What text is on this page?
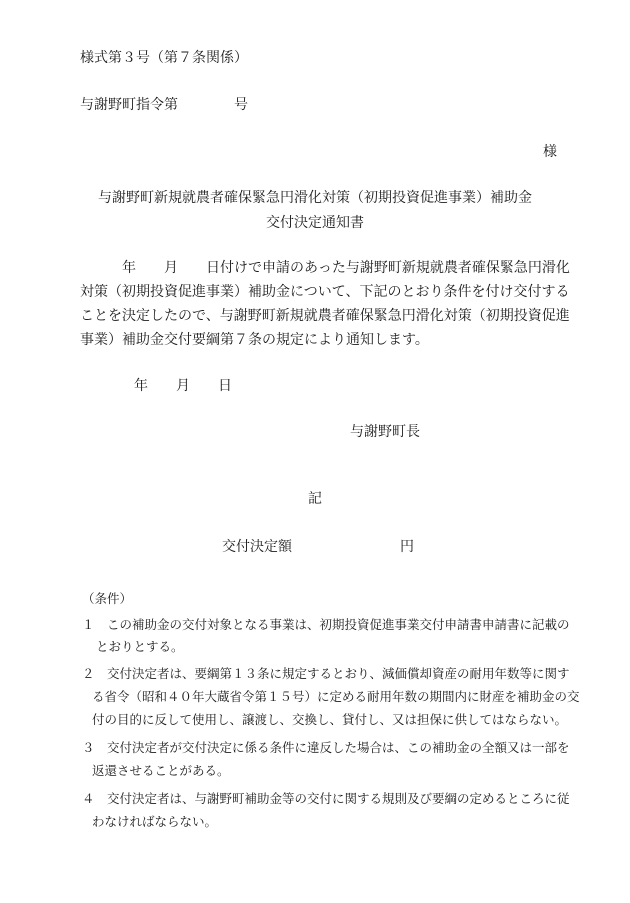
様式第３号（第７条関係）
与謝野町指令第　　　　号
様
与謝野町新規就農者確保緊急円滑化対策（初期投資促進事業）補助金
交付決定通知書
　　　年　　月　　日付けで申請のあった与謝野町新規就農者確保緊急円滑化
対策（初期投資促進事業）補助金について、下記のとおり条件を付け交付する
ことを決定したので、与謝野町新規就農者確保緊急円滑化対策（初期投資促進
事業）補助金交付要綱第７条の規定により通知します。
年　　月　　日
与謝野町長
記
交付決定額	円
（条件）
１　この補助金の交付対象となる事業は、初期投資促進事業交付申請書申請書に記載の
とおりとする。
２　交付決定者は、要綱第１３条に規定するとおり、減価償却資産の耐用年数等に関す
る省令（昭和４０年大蔵省令第１５号）に定める耐用年数の期間内に財産を補助金の交
付の目的に反して使用し、譲渡し、交換し、貸付し、又は担保に供してはならない。
３　交付決定者が交付決定に係る条件に違反した場合は、この補助金の全額又は一部を
返還させることがある。
４　交付決定者は、与謝野町補助金等の交付に関する規則及び要綱の定めるところに従
わなければならない。
